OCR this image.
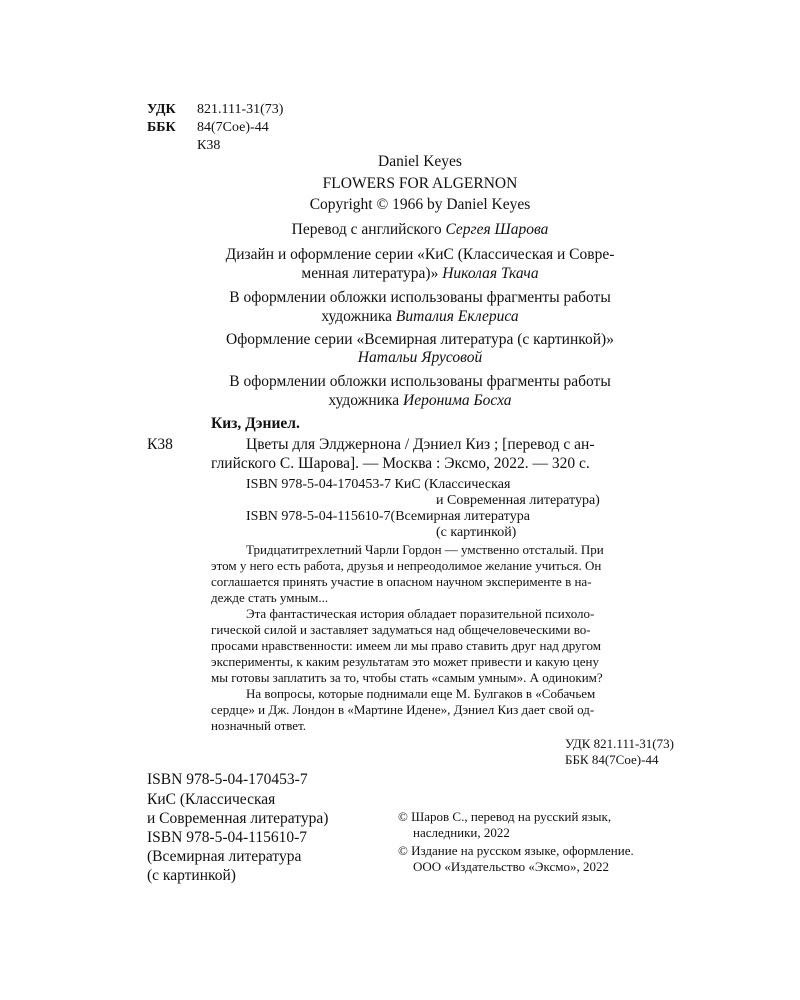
УДК 821.111-31(73)
ББК 84(7Сое)-44
К38
Daniel Keyes
FLOWERS FOR ALGERNON
Copyright © 1966 by Daniel Keyes
Перевод с английского Сергея Шарова
Дизайн и оформление серии «КиС (Классическая и Совре-
менная литература)» Николая Ткача
В оформлении обложки использованы фрагменты работы
художника Виталия Еклериса
Оформление серии «Всемирная литература (с картинкой)»
Натальи Ярусовой
В оформлении обложки использованы фрагменты работы
художника Иеронима Босха
Киз, Дэниел.
К38	Цветы для Элджернона / Дэниел Киз ; [перевод с ан-
глийского С. Шарова]. — Москва : Эксмо, 2022. — 320 с.
ISBN 978-5-04-170453-7 КиС (Классическая
и Современная литература)
ISBN 978-5-04-115610-7(Всемирная литература
(с картинкой)
Тридцатитрехлетний Чарли Гордон — умственно отсталый. При
этом у него есть работа, друзья и непреодолимое желание учиться. Он
соглашается принять участие в опасном научном эксперименте в на-
дежде стать умным...
Эта фантастическая история обладает поразительной психоло-
гической силой и заставляет задуматься над общечеловеческими во-
просами нравственности: имеем ли мы право ставить друг над другом
эксперименты, к каким результатам это может привести и какую цену
мы готовы заплатить за то, чтобы стать «самым умным». А одиноким?
На вопросы, которые поднимали еще М. Булгаков в «Собачьем
сердце» и Дж. Лондон в «Мартине Идене», Дэниел Киз дает свой од-
нозначный ответ.
УДК 821.111-31(73)
ББК 84(7Сое)-44
ISBN 978-5-04-170453-7
КиС (Классическая
и Современная литература)
ISBN 978-5-04-115610-7
(Всемирная литература
(с картинкой)
© Шаров С., перевод на русский язык,
наследники, 2022
© Издание на русском языке, оформление.
ООО «Издательство «Эксмо», 2022
